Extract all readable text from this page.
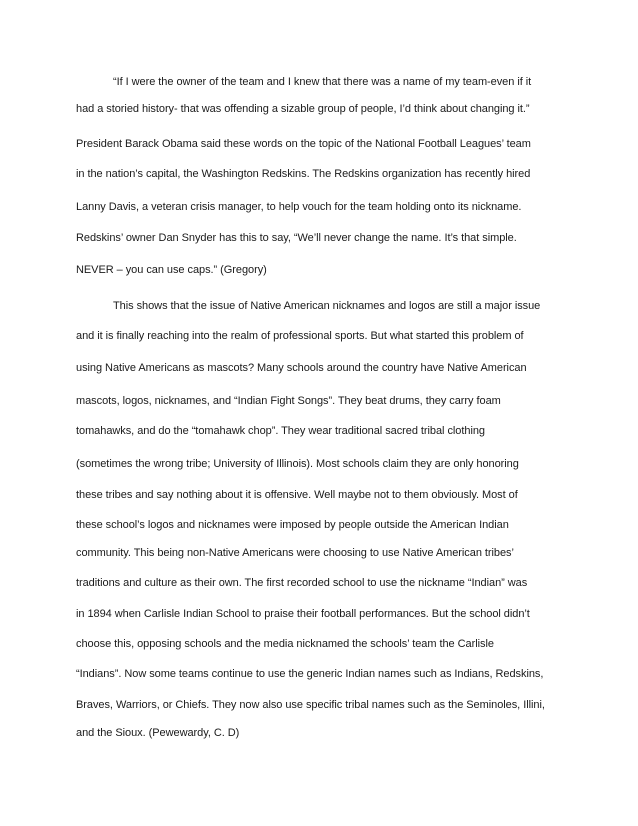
“If I were the owner of the team and I knew that there was a name of my team-even if it
had a storied history- that was offending a sizable group of people, I’d think about changing it.”
President Barack Obama said these words on the topic of the National Football Leagues’ team
in the nation’s capital, the Washington Redskins. The Redskins organization has recently hired
Lanny Davis, a veteran crisis manager, to help vouch for the team holding onto its nickname.
Redskins’ owner Dan Snyder has this to say, “We’ll never change the name. It’s that simple.
NEVER – you can use caps.” (Gregory)
This shows that the issue of Native American nicknames and logos are still a major issue
and it is finally reaching into the realm of professional sports. But what started this problem of
using Native Americans as mascots? Many schools around the country have Native American
mascots, logos, nicknames, and “Indian Fight Songs”. They beat drums, they carry foam
tomahawks, and do the “tomahawk chop”. They wear traditional sacred tribal clothing
(sometimes the wrong tribe; University of Illinois). Most schools claim they are only honoring
these tribes and say nothing about it is offensive. Well maybe not to them obviously. Most of
these school’s logos and nicknames were imposed by people outside the American Indian
community. This being non-Native Americans were choosing to use Native American tribes’
traditions and culture as their own. The first recorded school to use the nickname “Indian” was
in 1894 when Carlisle Indian School to praise their football performances. But the school didn’t
choose this, opposing schools and the media nicknamed the schools’ team the Carlisle
“Indians”. Now some teams continue to use the generic Indian names such as Indians, Redskins,
Braves, Warriors, or Chiefs. They now also use specific tribal names such as the Seminoles, Illini,
and the Sioux. (Pewewardy, C. D)
